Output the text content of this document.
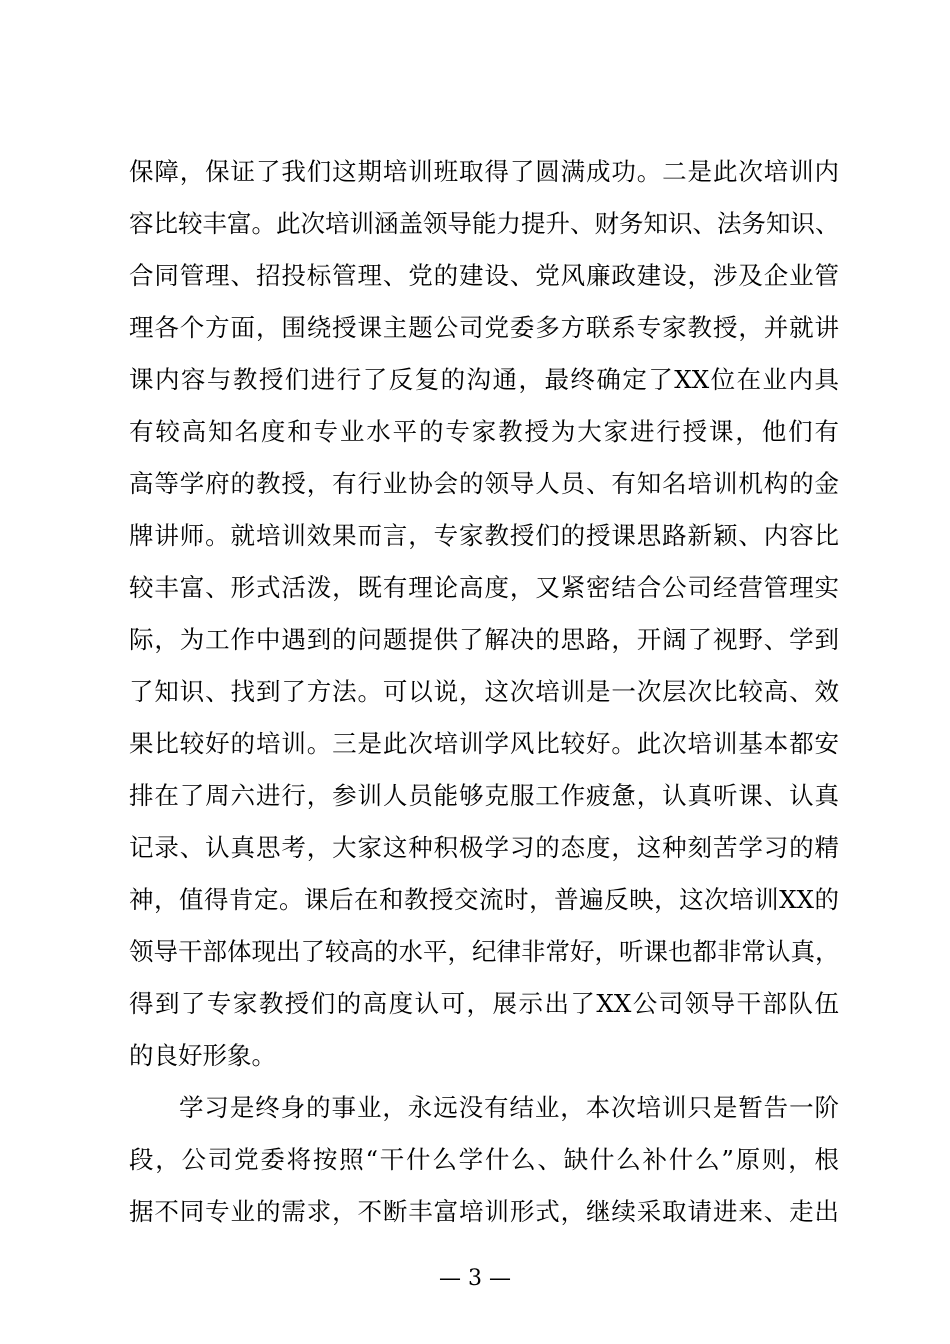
保障，保证了我们这期培训班取得了圆满成功。二是此次培训内
容比较丰富。此次培训涵盖领导能力提升、财务知识、法务知识、
合同管理、招投标管理、党的建设、党风廉政建设，涉及企业管
理各个方面，围绕授课主题公司党委多方联系专家教授，并就讲
课内容与教授们进行了反复的沟通，最终确定了XX位在业内具
有较高知名度和专业水平的专家教授为大家进行授课，他们有
高等学府的教授，有行业协会的领导人员、有知名培训机构的金
牌讲师。就培训效果而言，专家教授们的授课思路新颖、内容比
较丰富、形式活泼，既有理论高度，又紧密结合公司经营管理实
际，为工作中遇到的问题提供了解决的思路，开阔了视野、学到
了知识、找到了方法。可以说，这次培训是一次层次比较高、效
果比较好的培训。三是此次培训学风比较好。此次培训基本都安
排在了周六进行，参训人员能够克服工作疲惫，认真听课、认真
记录、认真思考，大家这种积极学习的态度，这种刻苦学习的精
神，值得肯定。课后在和教授交流时，普遍反映，这次培训XX的
领导干部体现出了较高的水平，纪律非常好，听课也都非常认真，
得到了专家教授们的高度认可，展示出了XX公司领导干部队伍
的良好形象。
学习是终身的事业，永远没有结业，本次培训只是暂告一阶
段，公司党委将按照“干什么学什么、缺什么补什么”原则，根
据不同专业的需求，不断丰富培训形式，继续采取请进来、走出
— 3 —
